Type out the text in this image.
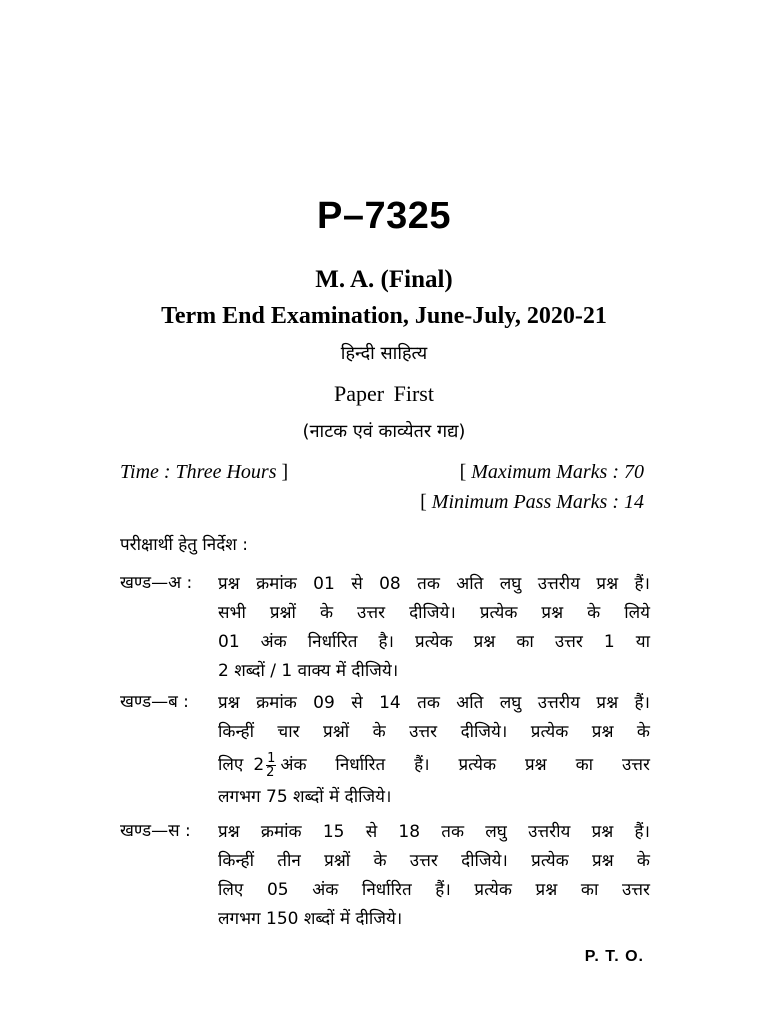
P–7325
M. A. (Final)
Term End Examination, June-July, 2020-21
हिन्दी साहित्य
Paper First
(नाटक एवं काव्येतर गद्य)
Time : Three Hours ]	[ Maximum Marks : 70
[ Minimum Pass Marks : 14
परीक्षार्थी हेतु निर्देश :
खण्ड—अ : प्रश्न क्रमांक 01 से 08 तक अति लघु उत्तरीय प्रश्न हैं।
सभी प्रश्नों के उत्तर दीजिये। प्रत्येक प्रश्न के लिये
01 अंक निर्धारित है। प्रत्येक प्रश्न का उत्तर 1 या
2 शब्दों / 1 वाक्य में दीजिये।
खण्ड—ब : प्रश्न क्रमांक 09 से 14 तक अति लघु उत्तरीय प्रश्न हैं।
किन्हीं चार प्रश्नों के उत्तर दीजिये। प्रत्येक प्रश्न के
लिए $2 \frac{1}{2}$ अंक निर्धारित हैं। प्रत्येक प्रश्न का उत्तर
लगभग 75 शब्दों में दीजिये।
खण्ड—स : प्रश्न क्रमांक 15 से 18 तक लघु उत्तरीय प्रश्न हैं।
किन्हीं तीन प्रश्नों के उत्तर दीजिये। प्रत्येक प्रश्न के
लिए 05 अंक निर्धारित हैं। प्रत्येक प्रश्न का उत्तर
लगभग 150 शब्दों में दीजिये।
P. T. O.
